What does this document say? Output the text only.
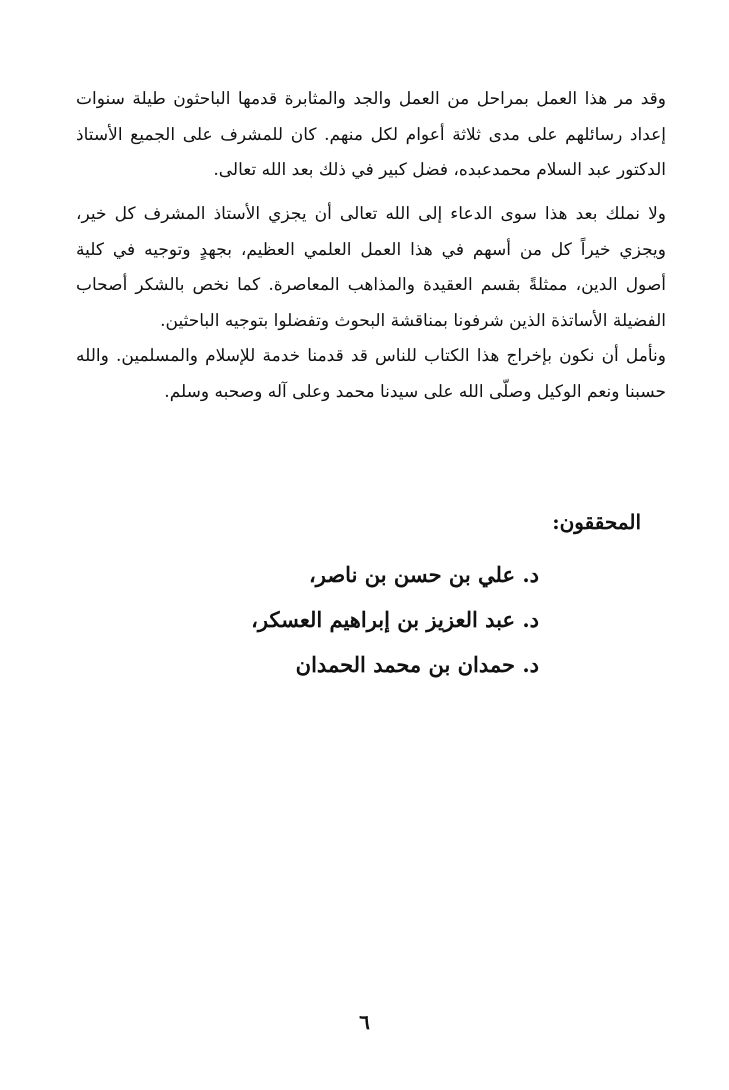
وقد مر هذا العمل بمراحل من العمل والجد والمثابرة قدمها الباحثون طيلة سنوات إعداد رسائلهم على مدى ثلاثة أعوام لكل منهم. كان للمشرف على الجميع الأستاذ الدكتور عبد السلام محمدعبده، فضل كبير في ذلك بعد الله تعالى.

ولا نملك بعد هذا سوى الدعاء إلى الله تعالى أن يجزي الأستاذ المشرف كل خير، ويجزي خيراً كل من أسهم في هذا العمل العلمي العظيم، بجهدٍ وتوجيه في كلية أصول الدين، ممثلةً بقسم العقيدة والمذاهب المعاصرة. كما نخص بالشكر أصحاب الفضيلة الأساتذة الذين شرفونا بمناقشة البحوث وتفضلوا بتوجيه الباحثين.

ونأمل أن نكون بإخراج هذا الكتاب للناس قد قدمنا خدمة للإسلام والمسلمين. والله حسبنا ونعم الوكيل وصلّى الله على سيدنا محمد وعلى آله وصحبه وسلم.

المحققون:
د. علي بن حسن بن ناصر،
د. عبد العزيز بن إبراهيم العسكر،
د. حمدان بن محمد الحمدان
٦
